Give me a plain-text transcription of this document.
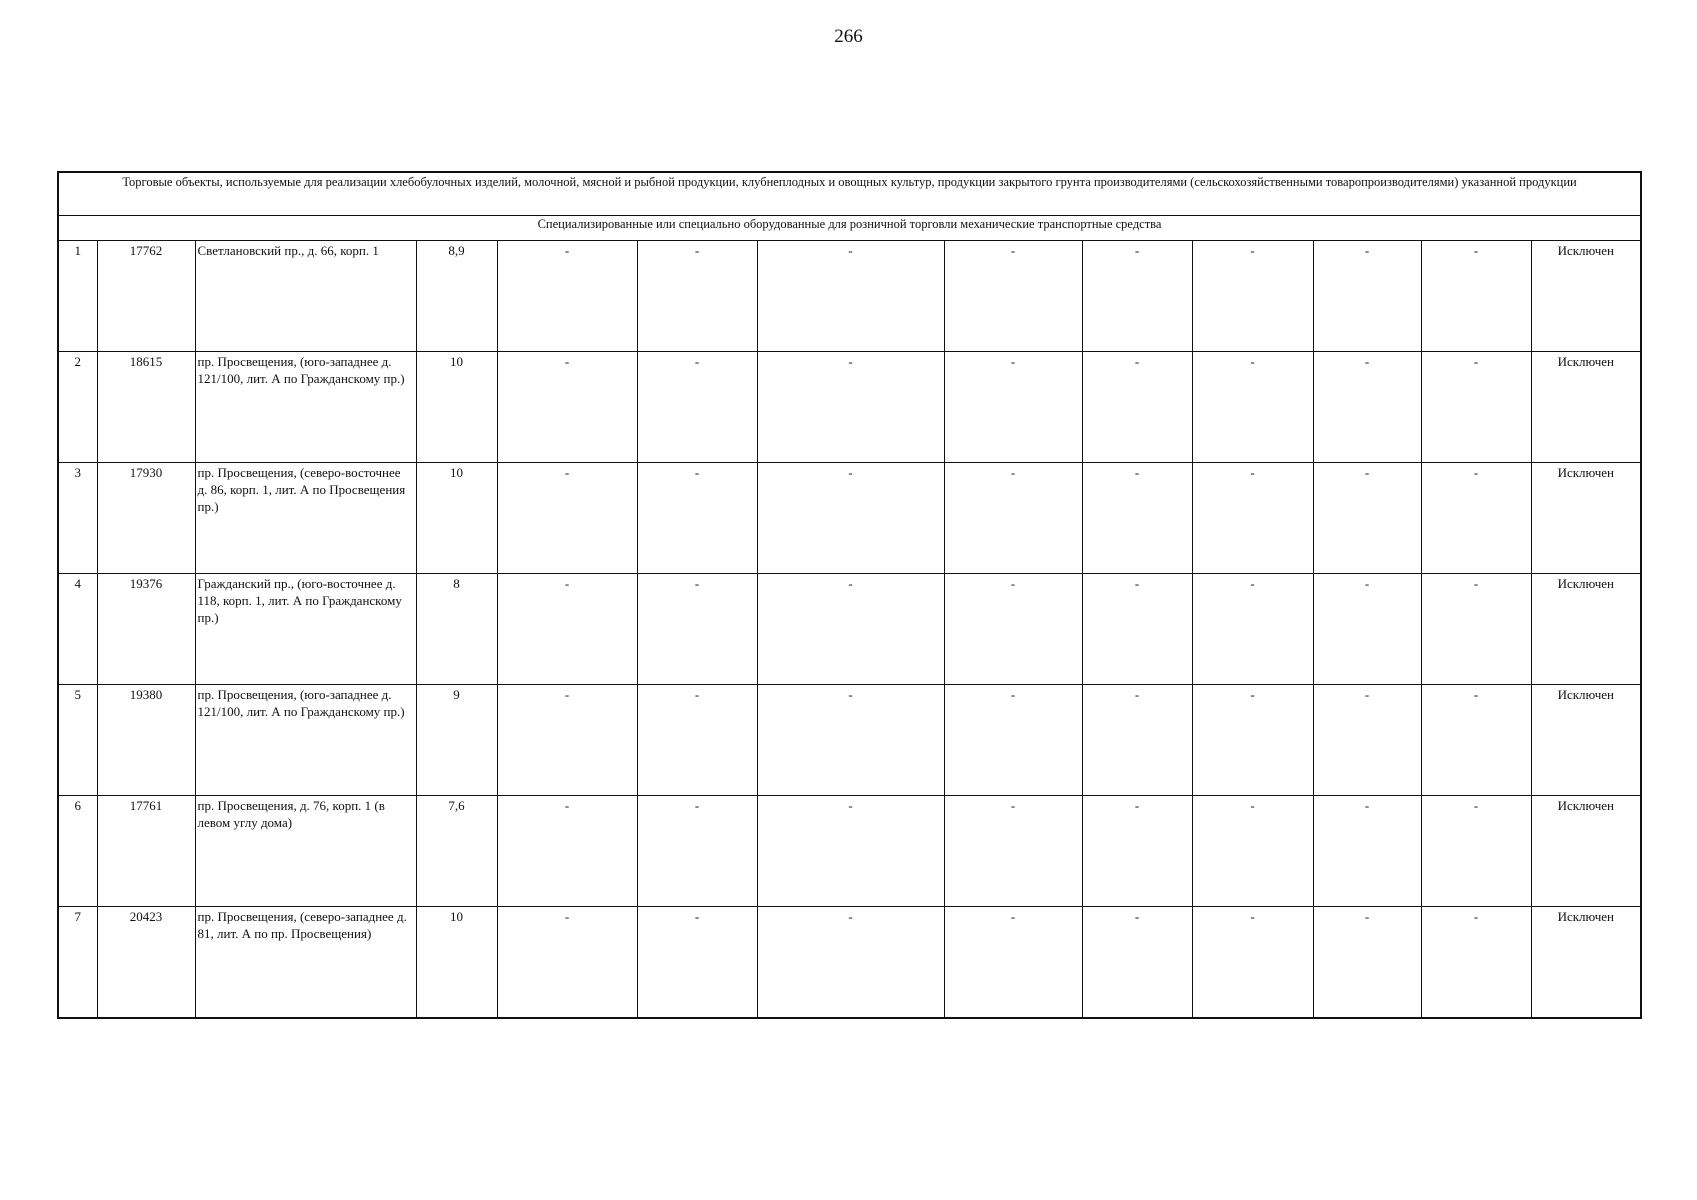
266
Торговые объекты, используемые для реализации хлебобулочных изделий, молочной, мясной и рыбной продукции, клубнеплодных и овощных культур, продукции закрытого грунта производителями (сельскохозяйственными товаропроизводителями) указанной продукции												
Специализированные или специально оборудованные для розничной торговли механические транспортные средства												
1	17762	Светлановский пр., д. 66, корп. 1	8,9	-	-	-	-	-	-	-	-	Исключен
2	18615	пр. Просвещения, (юго-западнее д. 121/100, лит. А по Гражданскому пр.)	10	-	-	-	-	-	-	-	-	Исключен
3	17930	пр. Просвещения, (северо-восточнее д. 86, корп. 1, лит. А по Просвещения пр.)	10	-	-	-	-	-	-	-	-	Исключен
4	19376	Гражданский пр., (юго-восточнее д. 118, корп. 1, лит. А по Гражданскому пр.)	8	-	-	-	-	-	-	-	-	Исключен
5	19380	пр. Просвещения, (юго-западнее д. 121/100, лит. А по Гражданскому пр.)	9	-	-	-	-	-	-	-	-	Исключен
6	17761	пр. Просвещения, д. 76, корп. 1 (в левом углу дома)	7,6	-	-	-	-	-	-	-	-	Исключен
7	20423	пр. Просвещения, (северо-западнее д. 81, лит. А по пр. Просвещения)	10	-	-	-	-	-	-	-	-	Исключен
